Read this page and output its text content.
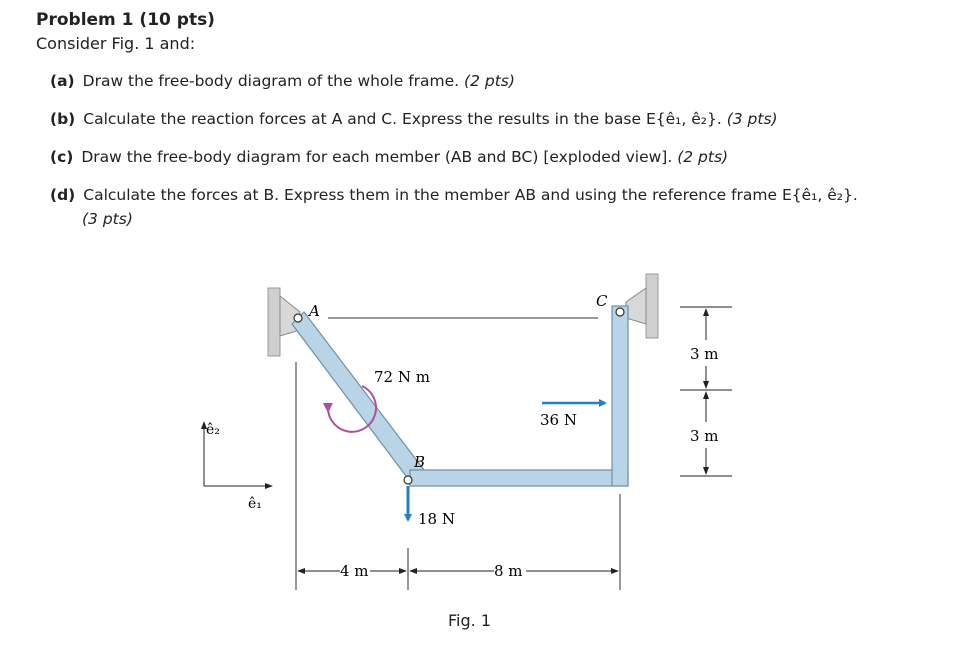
Problem 1 (10 pts)
Consider Fig. 1 and:
(a) Draw the free-body diagram of the whole frame. (2 pts)
(b) Calculate the reaction forces at A and C. Express the results in the base E{ê₁, ê₂}. (3 pts)
(c) Draw the free-body diagram for each member (AB and BC) [exploded view]. (2 pts)
(d) Calculate the forces at B. Express them in the member AB and using the reference frame E{ê₁, ê₂}.
(3 pts)
A
B
C
72 N m
36 N
18 N
4 m	8 m
3 m
3 m
ê₂
ê₁
Fig. 1
